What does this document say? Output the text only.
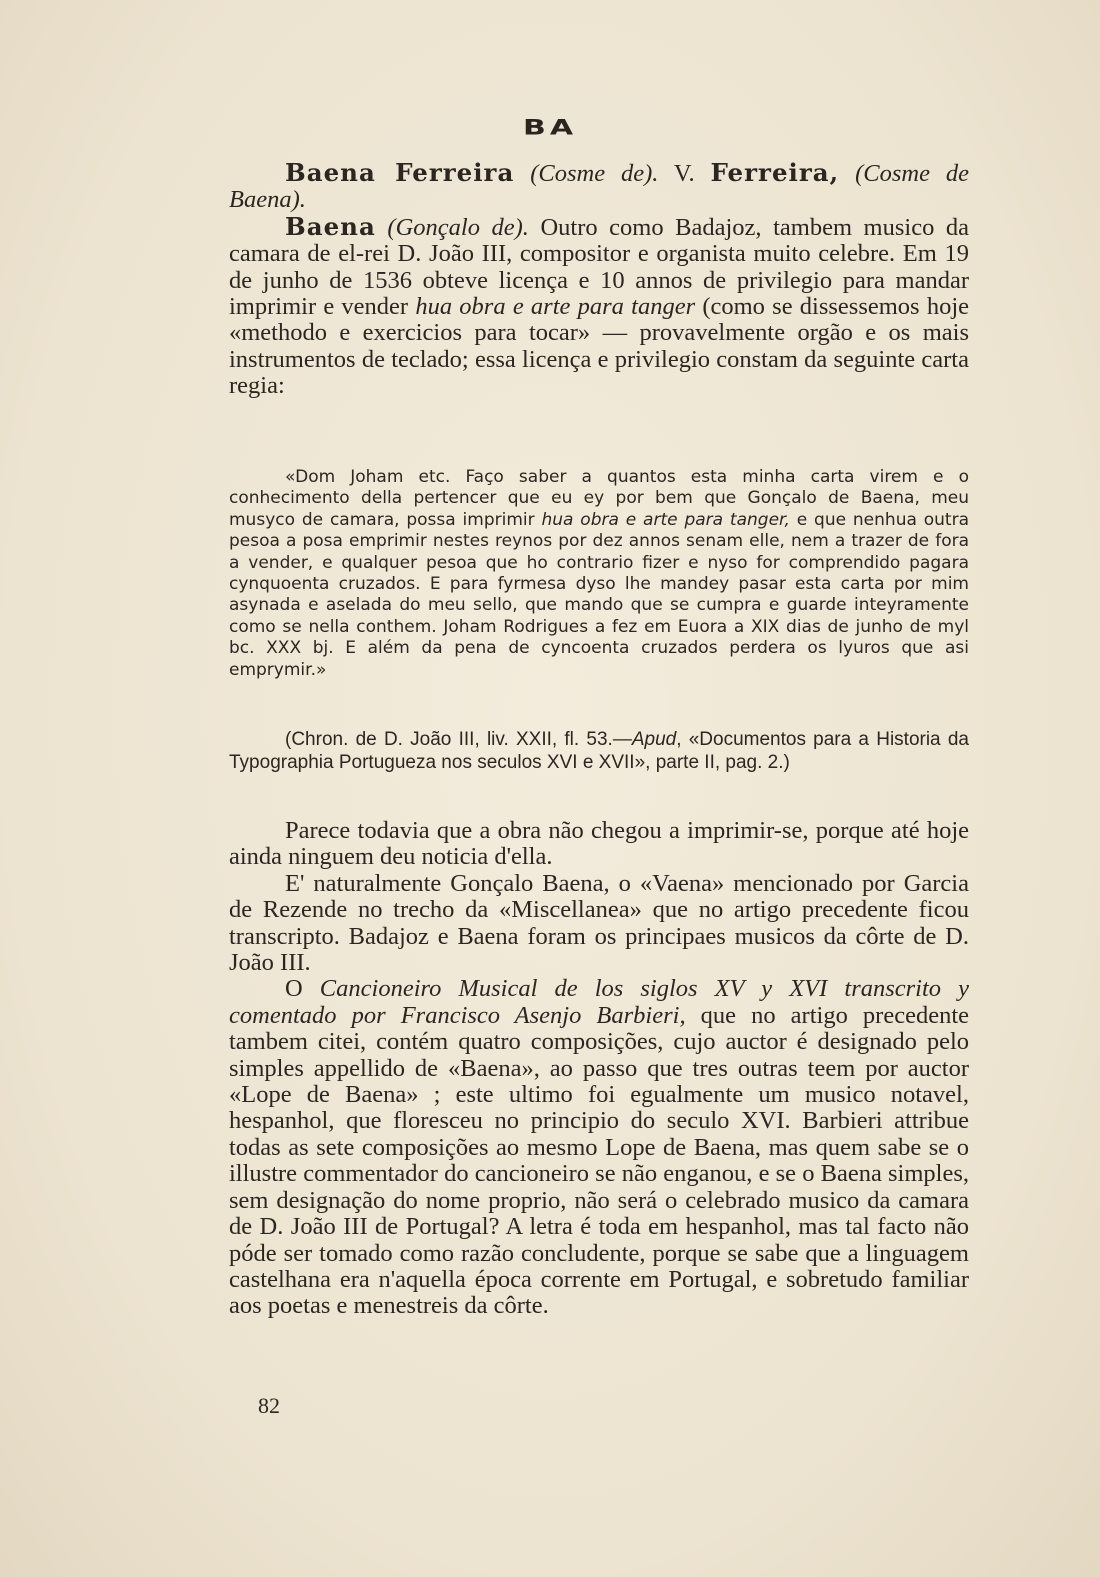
BA

Baena Ferreira (Cosme de). V. Ferreira, (Cosme de Baena).

Baena (Gonçalo de). Outro como Badajoz, tambem musico da camara de el-rei D. João III, compositor e organista muito celebre. Em 19 de junho de 1536 obteve licença e 10 annos de privilegio para mandar imprimir e vender hua obra e arte para tanger (como se dissessemos hoje «methodo e exercicios para tocar» — provavelmente orgão e os mais instrumentos de teclado; essa licença e privilegio constam da seguinte carta regia:

«Dom Joham etc. Faço saber a quantos esta minha carta virem e o conhecimento della pertencer que eu ey por bem que Gonçalo de Baena, meu musyco de camara, possa imprimir hua obra e arte para tanger, e que nenhua outra pesoa a posa emprimir nestes reynos por dez annos senam elle, nem a trazer de fora a vender, e qualquer pesoa que ho contrario fizer e nyso for comprendido pagara cynquoenta cruzados. E para fyrmesa dyso lhe mandey pasar esta carta por mim asynada e aselada do meu sello, que mando que se cumpra e guarde inteyramente como se nella conthem. Joham Rodrigues a fez em Euora a XIX dias de junho de myl bc. XXX bj. E além da pena de cyncoenta cruzados perdera os lyuros que asi emprymir.»

(Chron. de D. João III, liv. XXII, fl. 53.—Apud, «Documentos para a Historia da Typographia Portugueza nos seculos XVI e XVII», parte II, pag. 2.)

Parece todavia que a obra não chegou a imprimir-se, porque até hoje ainda ninguem deu noticia d'ella.

E' naturalmente Gonçalo Baena, o «Vaena» mencionado por Garcia de Rezende no trecho da «Miscellanea» que no artigo precedente ficou transcripto. Badajoz e Baena foram os principaes musicos da côrte de D. João III.

O Cancioneiro Musical de los siglos XV y XVI transcrito y comentado por Francisco Asenjo Barbieri, que no artigo precedente tambem citei, contém quatro composições, cujo auctor é designado pelo simples appellido de «Baena», ao passo que tres outras teem por auctor «Lope de Baena» ; este ultimo foi egualmente um musico notavel, hespanhol, que floresceu no principio do seculo XVI. Barbieri attribue todas as sete composições ao mesmo Lope de Baena, mas quem sabe se o illustre commentador do cancioneiro se não enganou, e se o Baena simples, sem designação do nome proprio, não será o celebrado musico da camara de D. João III de Portugal? A letra é toda em hespanhol, mas tal facto não póde ser tomado como razão concludente, porque se sabe que a linguagem castelhana era n'aquella época corrente em Portugal, e sobretudo familiar aos poetas e menestreis da côrte.

82
